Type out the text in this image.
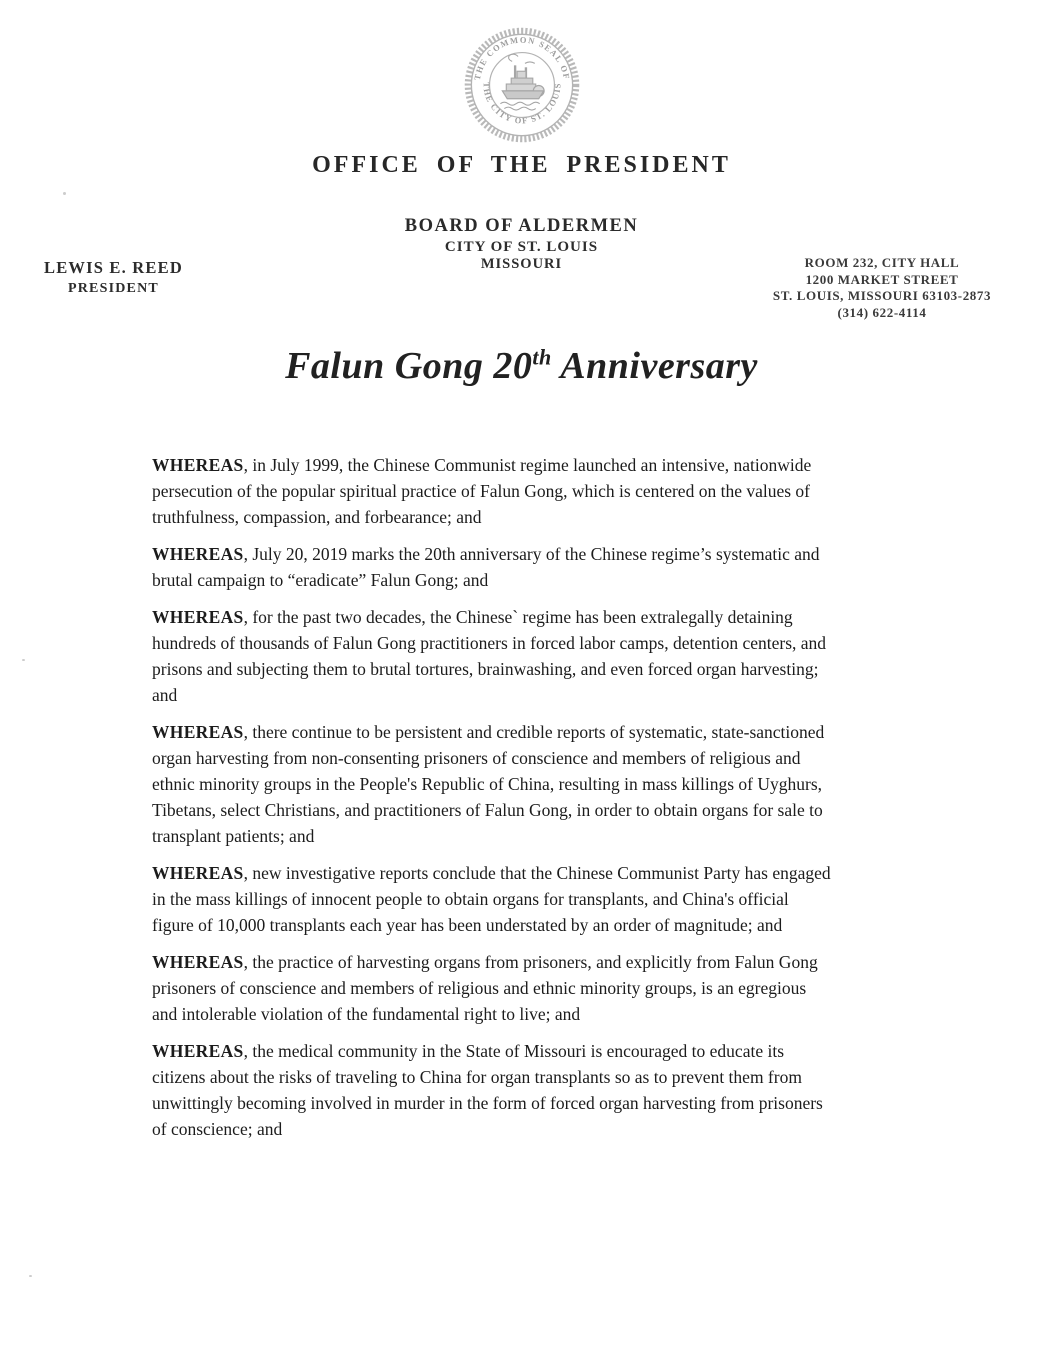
THE COMMON SEAL OF
THE CITY OF ST. LOUIS
OFFICE OF THE PRESIDENT
BOARD OF ALDERMEN
CITY OF ST. LOUIS
MISSOURI
LEWIS E. REED
PRESIDENT
ROOM 232, CITY HALL
1200 MARKET STREET
ST. LOUIS, MISSOURI 63103-2873
(314) 622-4114
Falun Gong 20th Anniversary

WHEREAS, in July 1999, the Chinese Communist regime launched an intensive, nationwide persecution of the popular spiritual practice of Falun Gong, which is centered on the values of truthfulness, compassion, and forbearance; and

WHEREAS, July 20, 2019 marks the 20th anniversary of the Chinese regime’s systematic and brutal campaign to “eradicate” Falun Gong; and

WHEREAS, for the past two decades, the Chinese` regime has been extralegally detaining hundreds of thousands of Falun Gong practitioners in forced labor camps, detention centers, and prisons and subjecting them to brutal tortures, brainwashing, and even forced organ harvesting; and

WHEREAS, there continue to be persistent and credible reports of systematic, state-sanctioned organ harvesting from non-consenting prisoners of conscience and members of religious and ethnic minority groups in the People's Republic of China, resulting in mass killings of Uyghurs, Tibetans, select Christians, and practitioners of Falun Gong, in order to obtain organs for sale to transplant patients; and

WHEREAS, new investigative reports conclude that the Chinese Communist Party has engaged in the mass killings of innocent people to obtain organs for transplants, and China's official figure of 10,000 transplants each year has been understated by an order of magnitude; and

WHEREAS, the practice of harvesting organs from prisoners, and explicitly from Falun Gong prisoners of conscience and members of religious and ethnic minority groups, is an egregious and intolerable violation of the fundamental right to live; and

WHEREAS, the medical community in the State of Missouri is encouraged to educate its citizens about the risks of traveling to China for organ transplants so as to prevent them from unwittingly becoming involved in murder in the form of forced organ harvesting from prisoners of conscience; and
